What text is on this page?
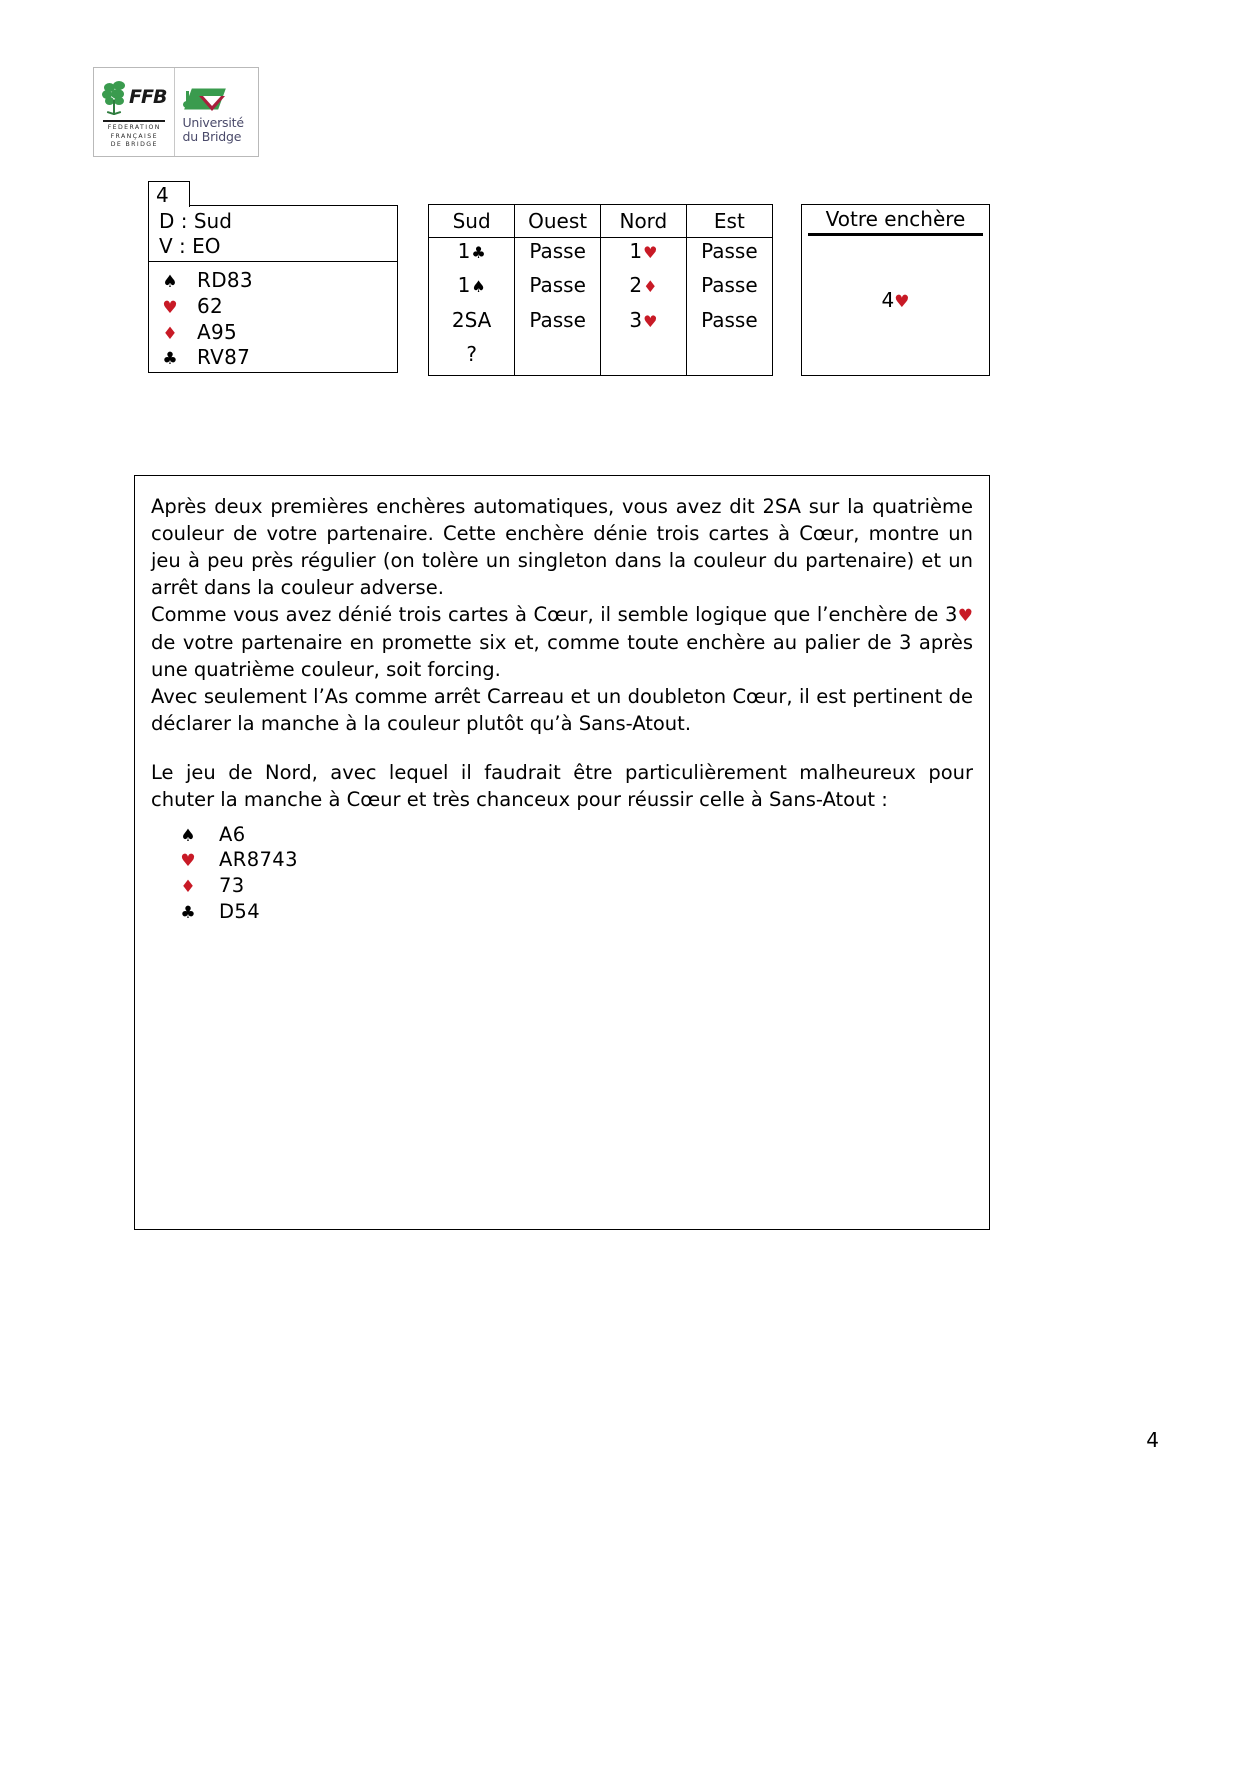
FFB
FEDERATION
FRANÇAISE
DE BRIDGE
Université
du Bridge
4
D : Sud
V : EO
♠ RD83
♥ 62
♦ A95
♣ RV87
Sud	Ouest	Nord	Est
1♣	Passe	1♥	Passe
1♠	Passe	2♦	Passe
2SA	Passe	3♥	Passe
?			
Votre enchère
4♥

Après deux premières enchères automatiques, vous avez dit 2SA sur la quatrième couleur de votre partenaire. Cette enchère dénie trois cartes à Cœur, montre un jeu à peu près régulier (on tolère un singleton dans la couleur du partenaire) et un arrêt dans la couleur adverse.

Comme vous avez dénié trois cartes à Cœur, il semble logique que l’enchère de 3♥ de votre partenaire en promette six et, comme toute enchère au palier de 3 après une quatrième couleur, soit forcing.

Avec seulement l’As comme arrêt Carreau et un doubleton Cœur, il est pertinent de déclarer la manche à la couleur plutôt qu’à Sans-Atout.

Le jeu de Nord, avec lequel il faudrait être particulièrement malheureux pour chuter la manche à Cœur et très chanceux pour réussir celle à Sans-Atout :

♠	A6
♥	AR8743
♦	73
♣	D54
4
